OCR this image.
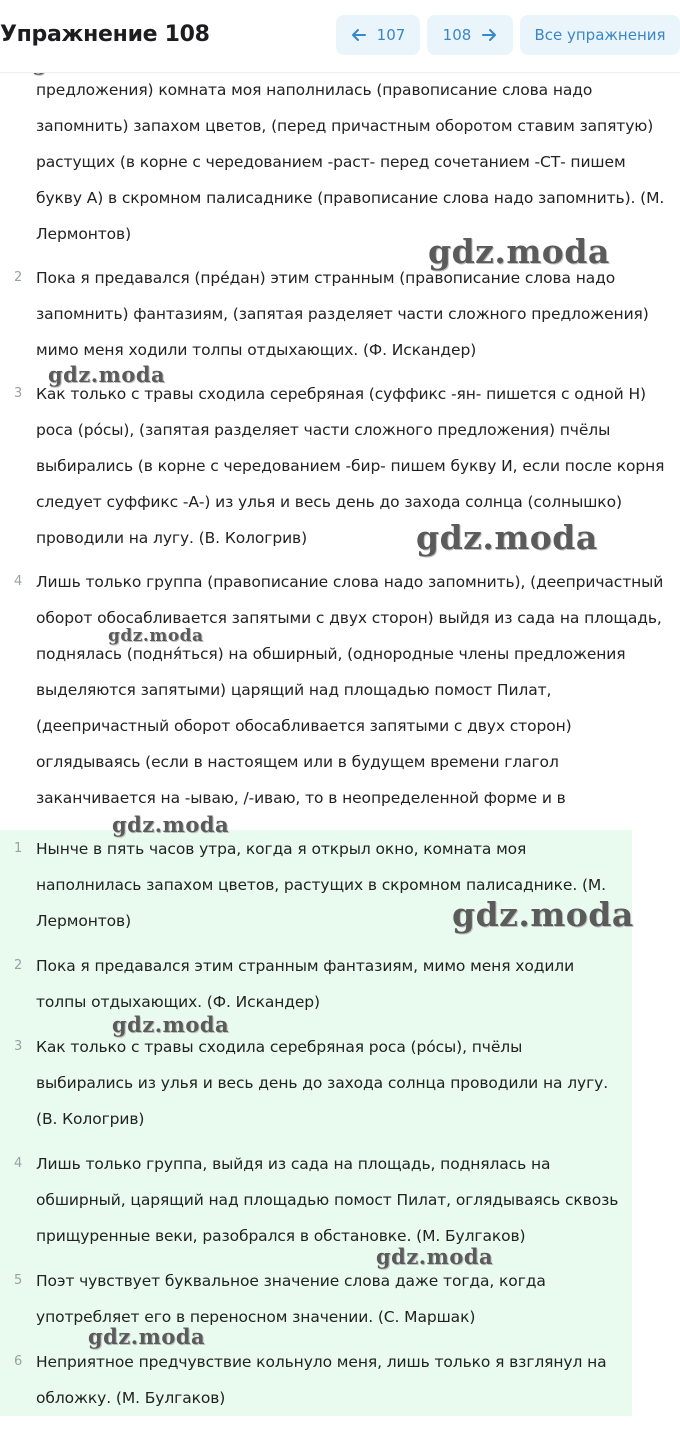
Упражнение 108	107 108	Все упражнения

предложения) комната моя наполнилась (правописание слова надо запомнить) запахом цветов, (перед причастным оборотом ставим запятую) растущих (в корне с чередованием -раст- перед сочетанием -СТ- пишем букву А) в скромном палисаднике (правописание слова надо запомнить). (М. Лермонтов)

2 Пока я предавался (пре́дан) этим странным (правописание слова надо запомнить) фантазиям, (запятая разделяет части сложного предложения) мимо меня ходили толпы отдыхающих. (Ф. Искандер)

3 Как только с травы сходила серебряная (суффикс -ян- пишется с одной Н) роса (ро́сы), (запятая разделяет части сложного предложения) пчёлы выбирались (в корне с чередованием -бир- пишем букву И, если после корня следует суффикс -А-) из улья и весь день до захода солнца (солнышко) проводили на лугу. (В. Кологрив)

4 Лишь только группа (правописание слова надо запомнить), (деепричастный оборот обосабливается запятыми с двух сторон) выйдя из сада на площадь, поднялась (подня́ться) на обширный, (однородные члены предложения выделяются запятыми) царящий над площадью помост Пилат, (деепричастный оборот обосабливается запятыми с двух сторон) оглядываясь (если в настоящем или в будущем времени глагол заканчивается на -ываю, /-иваю, то в неопределенной форме и в

1 Нынче в пять часов утра, когда я открыл окно, комната моя наполнилась запахом цветов, растущих в скромном палисаднике. (М. Лермонтов)

2 Пока я предавался этим странным фантазиям, мимо меня ходили толпы отдыхающих. (Ф. Искандер)

3 Как только с травы сходила серебряная роса (ро́сы), пчёлы выбирались из улья и весь день до захода солнца проводили на лугу. (В. Кологрив)

4 Лишь только группа, выйдя из сада на площадь, поднялась на обширный, царящий над площадью помост Пилат, оглядываясь сквозь прищуренные веки, разобрался в обстановке. (М. Булгаков)

5 Поэт чувствует буквальное значение слова даже тогда, когда употребляет его в переносном значении. (С. Маршак)

6 Неприятное предчувствие кольнуло меня, лишь только я взглянул на обложку. (М. Булгаков)

gdz.moda
gdz.moda
gdz.moda
gdz.moda
gdz.moda
gdz.moda
gdz.moda
gdz.moda
gdz.moda
